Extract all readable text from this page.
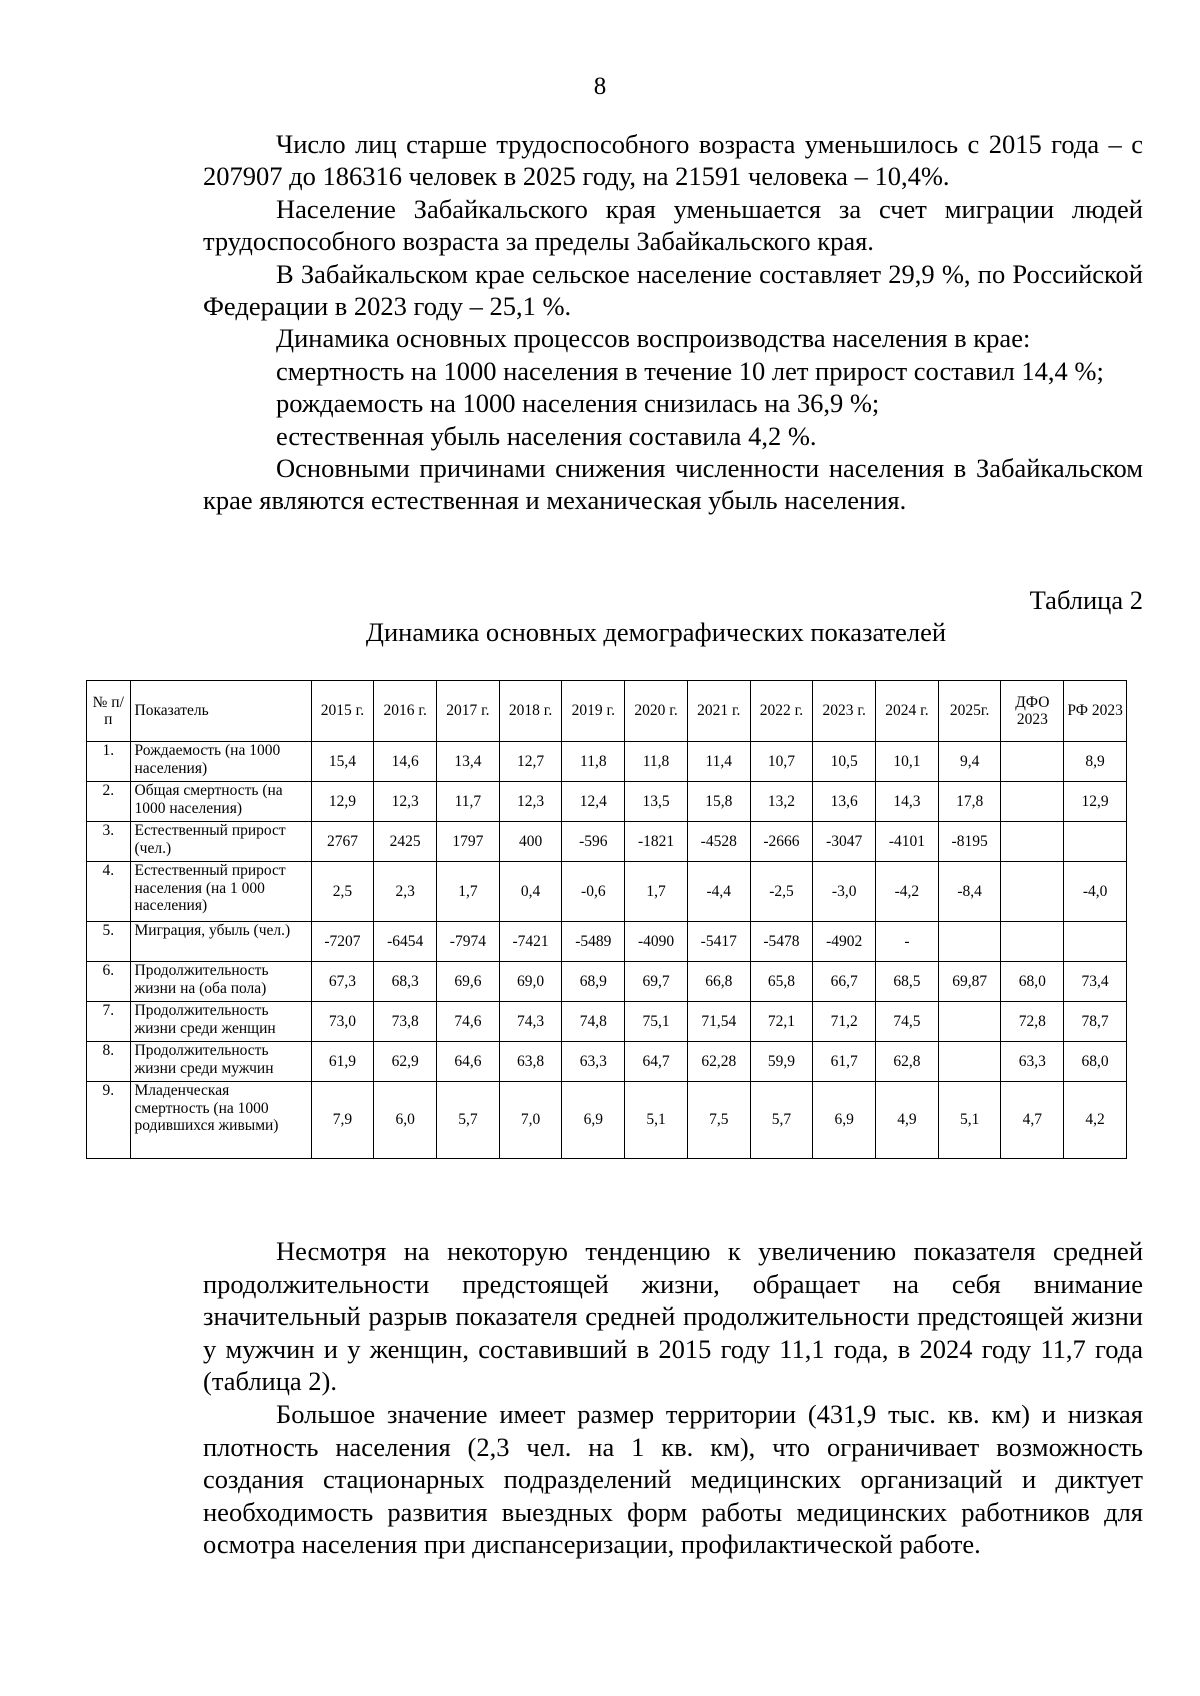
8

Число лиц старше трудоспособного возраста уменьшилось с 2015 года – с 207907 до 186316 человек в 2025 году, на 21591 человека – 10,4%.

Население Забайкальского края уменьшается за счет миграции людей трудоспособного возраста за пределы Забайкальского края.

В Забайкальском крае сельское население составляет 29,9 %, по Российской Федерации в 2023 году – 25,1 %.

Динамика основных процессов воспроизводства населения в крае:

смертность на 1000 населения в течение 10 лет прирост составил 14,4 %;

рождаемость на 1000 населения снизилась на 36,9 %;

естественная убыль населения составила 4,2 %.

Основными причинами снижения численности населения в Забайкальском крае являются естественная и механическая убыль населения.

Таблица 2
Динамика основных демографических показателей
№ п/п	Показатель	2015 г.	2016 г.	2017 г.	2018 г.	2019 г.	2020 г.	2021 г.	2022 г.	2023 г.	2024 г.	2025г.	ДФО 2023	РФ 2023
1.	Рождаемость (на 1000 населения)	15,4	14,6	13,4	12,7	11,8	11,8	11,4	10,7	10,5	10,1	9,4		8,9
2.	Общая смертность (на 1000 населения)	12,9	12,3	11,7	12,3	12,4	13,5	15,8	13,2	13,6	14,3	17,8		12,9
3.	Естественный прирост (чел.)	2767	2425	1797	400	-596	-1821	-4528	-2666	-3047	-4101	-8195		
4.	Естественный прирост населения (на 1 000 населения)	2,5	2,3	1,7	0,4	-0,6	1,7	-4,4	-2,5	-3,0	-4,2	-8,4		-4,0
5.	Миграция, убыль (чел.)	-7207	-6454	-7974	-7421	-5489	-4090	-5417	-5478	-4902	-			
6.	Продолжительность жизни на (оба пола)	67,3	68,3	69,6	69,0	68,9	69,7	66,8	65,8	66,7	68,5	69,87	68,0	73,4
7.	Продолжительность жизни среди женщин	73,0	73,8	74,6	74,3	74,8	75,1	71,54	72,1	71,2	74,5		72,8	78,7
8.	Продолжительность жизни среди мужчин	61,9	62,9	64,6	63,8	63,3	64,7	62,28	59,9	61,7	62,8		63,3	68,0
9.	Младенческая смертность (на 1000 родившихся живыми)	7,9	6,0	5,7	7,0	6,9	5,1	7,5	5,7	6,9	4,9	5,1	4,7	4,2

Несмотря на некоторую тенденцию к увеличению показателя средней продолжительности предстоящей жизни, обращает на себя внимание значительный разрыв показателя средней продолжительности предстоящей жизни у мужчин и у женщин, составивший в 2015 году 11,1 года, в 2024 году 11,7 года (таблица 2).

Большое значение имеет размер территории (431,9 тыс. кв. км) и низкая плотность населения (2,3 чел. на 1 кв. км), что ограничивает возможность создания стационарных подразделений медицинских организаций и диктует необходимость развития выездных форм работы медицинских работников для осмотра населения при диспансеризации, профилактической работе.
